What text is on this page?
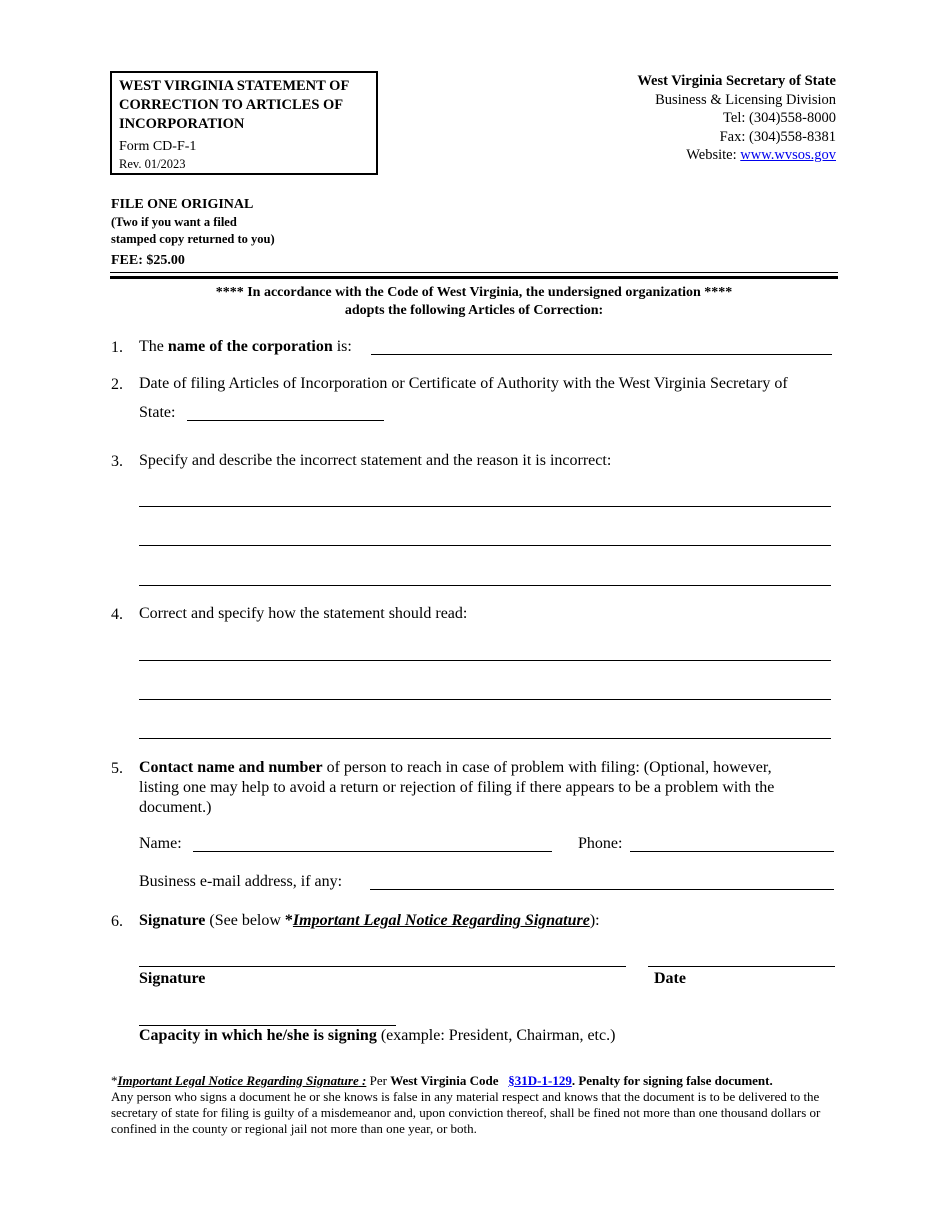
WEST VIRGINIA STATEMENT OF CORRECTION TO ARTICLES OF INCORPORATION
Form CD-F-1
Rev. 01/2023
West Virginia Secretary of State
Business & Licensing Division
Tel: (304)558-8000
Fax: (304)558-8381
Website: www.wvsos.gov
FILE ONE ORIGINAL
(Two if you want a filed
stamped copy returned to you)
FEE: $25.00
**** In accordance with the Code of West Virginia, the undersigned organization ****
adopts the following Articles of Correction:
1. The name of the corporation is:
2. Date of filing Articles of Incorporation or Certificate of Authority with the West Virginia Secretary of
State:
3. Specify and describe the incorrect statement and the reason it is incorrect:
4. Correct and specify how the statement should read:
5. Contact name and number of person to reach in case of problem with filing: (Optional, however,
listing one may help to avoid a return or rejection of filing if there appears to be a problem with the
document.)
Name:	Phone:
Business e-mail address, if any:
6. Signature (See below *Important Legal Notice Regarding Signature):
Signature	Date
Capacity in which he/she is signing (example: President, Chairman, etc.)
*Important Legal Notice Regarding Signature : Per West Virginia Code §31D-1-129. Penalty for signing false document.
Any person who signs a document he or she knows is false in any material respect and knows that the document is to be delivered to the secretary of state for filing is guilty of a misdemeanor and, upon conviction thereof, shall be fined not more than one thousand dollars or confined in the county or regional jail not more than one year, or both.
